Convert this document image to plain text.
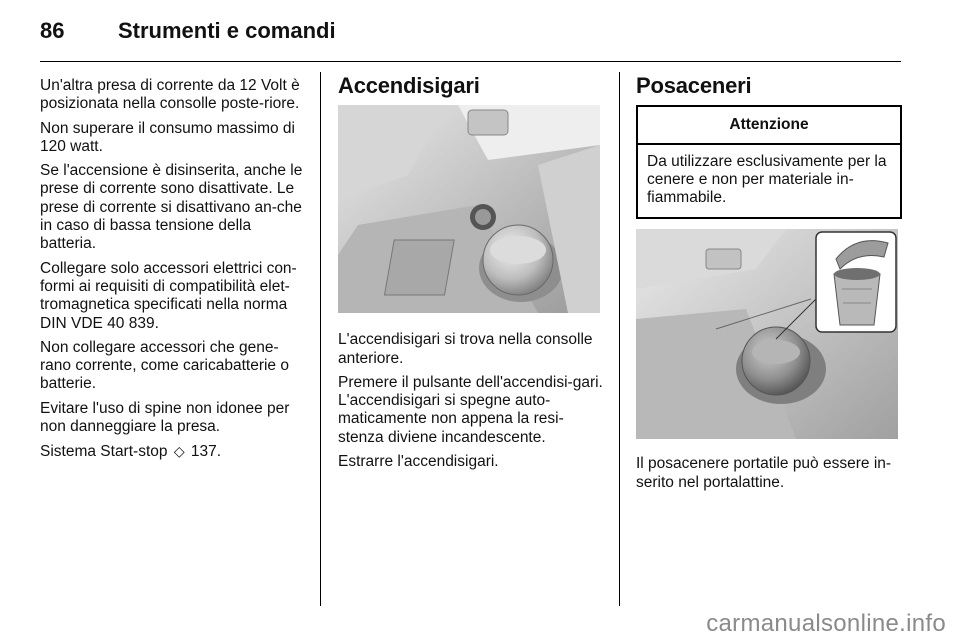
86 Strumenti e comandi

Un'altra presa di corrente da 12 Volt è posizionata nella consolle poste-riore.

Non superare il consumo massimo di 120 watt.

Se l'accensione è disinserita, anche le prese di corrente sono disattivate. Le prese di corrente si disattivano an-che in caso di bassa tensione della batteria.

Collegare solo accessori elettrici con-formi ai requisiti di compatibilità elet-tromagnetica specificati nella norma DIN VDE 40 839.

Non collegare accessori che gene-rano corrente, come caricabatterie o batterie.

Evitare l'uso di spine non idonee per non danneggiare la presa.

Sistema Start-stop ◇ 137.

Accendisigari

L'accendisigari si trova nella consolle anteriore.

Premere il pulsante dell'accendisi-gari. L'accendisigari si spegne auto-maticamente non appena la resi-stenza diviene incandescente.

Estrarre l'accendisigari.

Posaceneri
Attenzione
Da utilizzare esclusivamente per la cenere e non per materiale in-fiammabile.

Il posacenere portatile può essere in-serito nel portalattine.

carmanualsonline.info
